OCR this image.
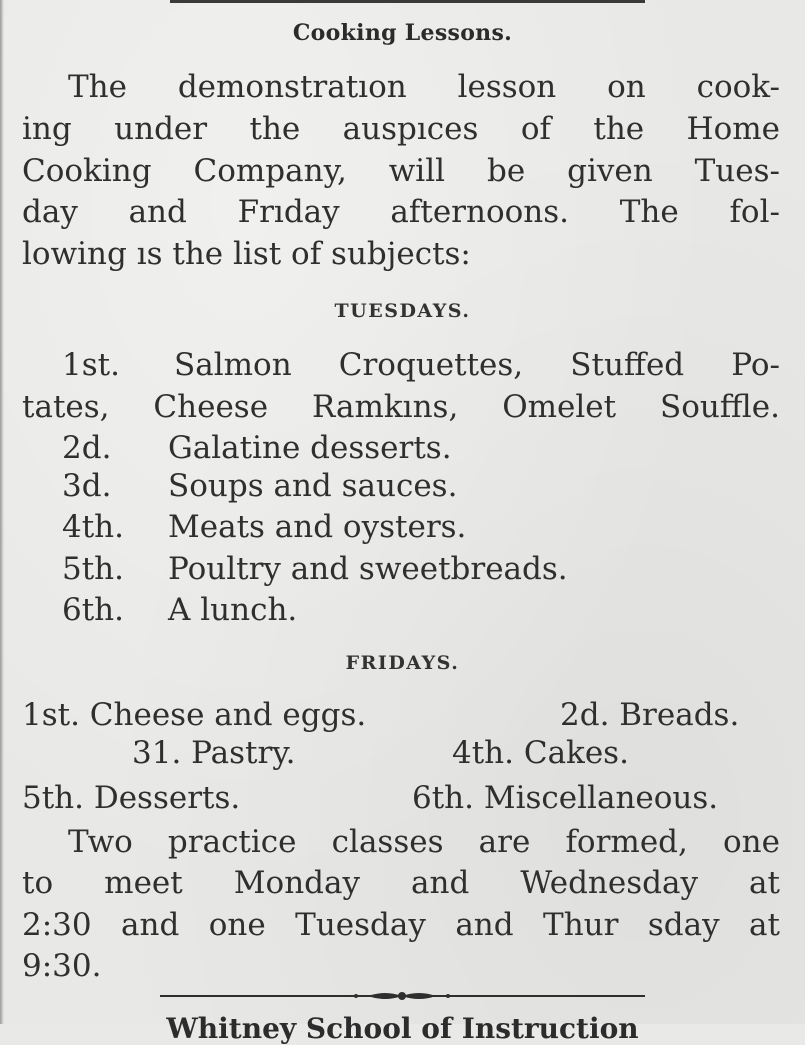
Cooking Lessons.
The demonstratıon lesson on cook-
ing under the auspıces of the Home
Cooking Company, will be given Tues-
day and Frıday afternoons. The fol-
lowing ıs the list of subjects:
TUESDAYS.
1st. Salmon Croquettes, Stuffed Po-
tates, Cheese Ramkıns, Omelet Souffle.
2d. Galatine desserts.
3d. Soups and sauces.
4th. Meats and oysters.
5th. Poultry and sweetbreads.
6th. A lunch.
FRIDAYS.
1st. Cheese and eggs.	2d. Breads.
31. Pastry.	4th. Cakes.
5th. Desserts.	6th. Miscellaneous.
Two practice classes are formed, one
to meet Monday and Wednesday at
2:30 and one Tuesday and Thur sday at
9:30.
Whitney School of Instruction
